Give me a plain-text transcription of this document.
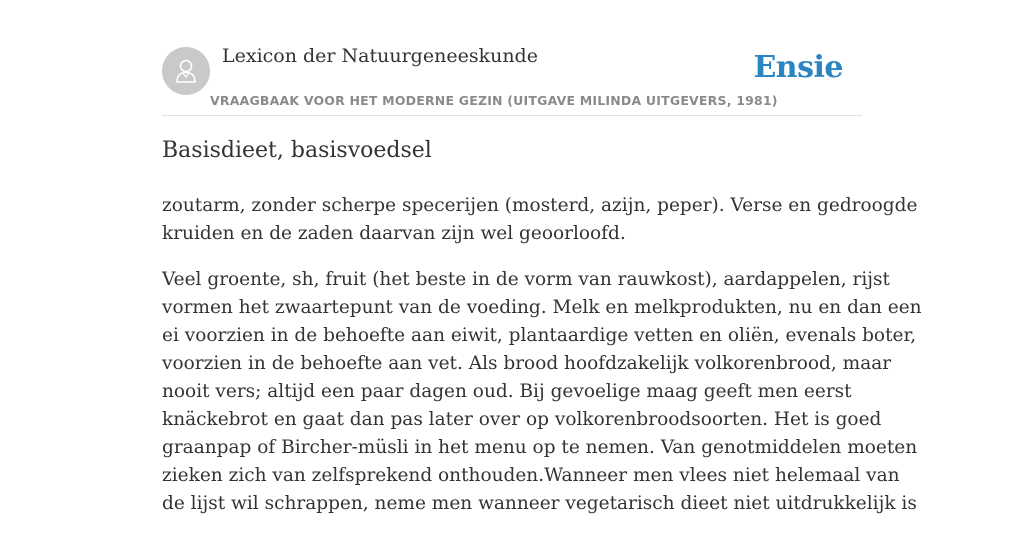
Lexicon der Natuurgeneeskunde
VRAAGBAAK VOOR HET MODERNE GEZIN (UITGAVE MILINDA UITGEVERS, 1981)
Ensie
Basisdieet, basisvoedsel

zoutarm, zonder scherpe specerijen (mosterd, azijn, peper). Verse en gedroogde
kruiden en de zaden daarvan zijn wel geoorloofd.

Veel groente, sh, fruit (het beste in de vorm van rauwkost), aardappelen, rijst
vormen het zwaartepunt van de voeding. Melk en melkprodukten, nu en dan een
ei voorzien in de behoefte aan eiwit, plantaardige vetten en oliën, evenals boter,
voorzien in de behoefte aan vet. Als brood hoofdzakelijk volkorenbrood, maar
nooit vers; altijd een paar dagen oud. Bij gevoelige maag geeft men eerst
knäckebrot en gaat dan pas later over op volkorenbroodsoorten. Het is goed
graanpap of Bircher-müsli in het menu op te nemen. Van genotmiddelen moeten
zieken zich van zelfsprekend onthouden.Wanneer men vlees niet helemaal van
de lijst wil schrappen, neme men wanneer vegetarisch dieet niet uitdrukkelijk is
